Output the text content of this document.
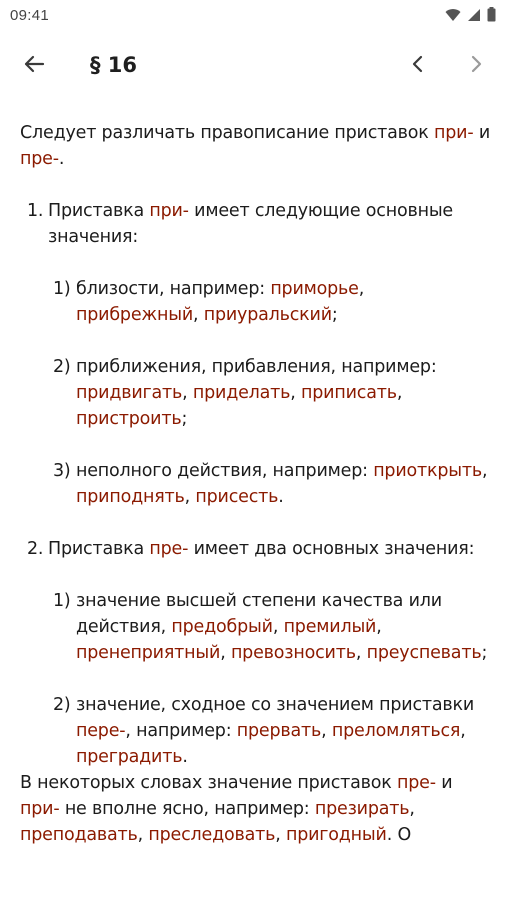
09:41
§ 16

Следует различать правописание приставок при- и пре-.

1. Приставка при- имеет следующие основные значения:
1) близости, например: приморье, прибрежный, приуральский;
2) приближения, прибавления, например: придвигать, приделать, приписать, пристроить;
3) неполного действия, например: приоткрыть, приподнять, присесть.
2. Приставка пре- имеет два основных значения:
1) значение высшей степени качества или действия, предобрый, премилый, пренеприятный, превозносить, преуспевать;
2) значение, сходное со значением приставки пере-, например: прервать, преломляться, преградить.

В некоторых словах значение приставок пре- и при- не вполне ясно, например: презирать, преподавать, преследовать, пригодный. О
